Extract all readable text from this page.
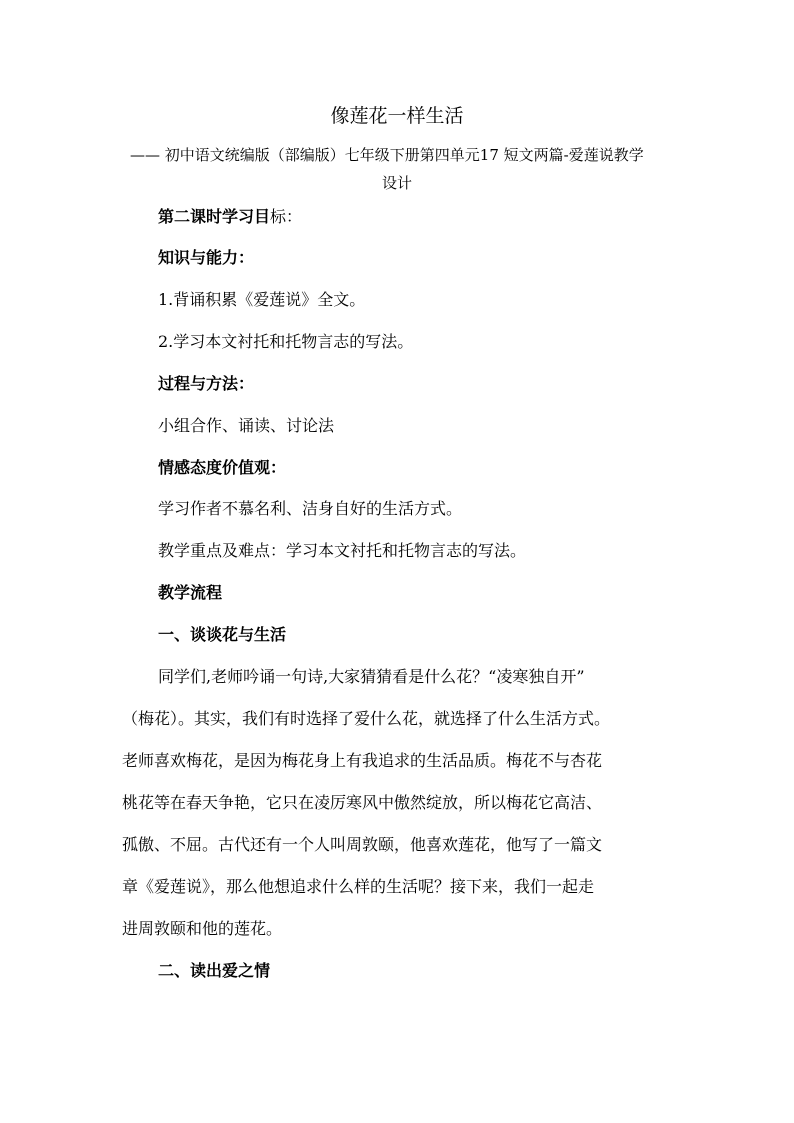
像莲花一样生活
—— 初中语文统编版（部编版）七年级下册第四单元17 短文两篇-爱莲说教学
设计
第二课时学习目标：
知识与能力：
1.背诵积累《爱莲说》全文。
2.学习本文衬托和托物言志的写法。
过程与方法：
小组合作、诵读、讨论法
情感态度价值观：
学习作者不慕名利、洁身自好的生活方式。
教学重点及难点：学习本文衬托和托物言志的写法。
教学流程
一、谈谈花与生活
同学们,老师吟诵一句诗,大家猜猜看是什么花？“凌寒独自开”
（梅花）。其实，我们有时选择了爱什么花，就选择了什么生活方式。
老师喜欢梅花，是因为梅花身上有我追求的生活品质。梅花不与杏花
桃花等在春天争艳，它只在凌厉寒风中傲然绽放，所以梅花它高洁、
孤傲、不屈。古代还有一个人叫周敦颐，他喜欢莲花，他写了一篇文
章《爱莲说》，那么他想追求什么样的生活呢？接下来，我们一起走
进周敦颐和他的莲花。
二、读出爱之情
